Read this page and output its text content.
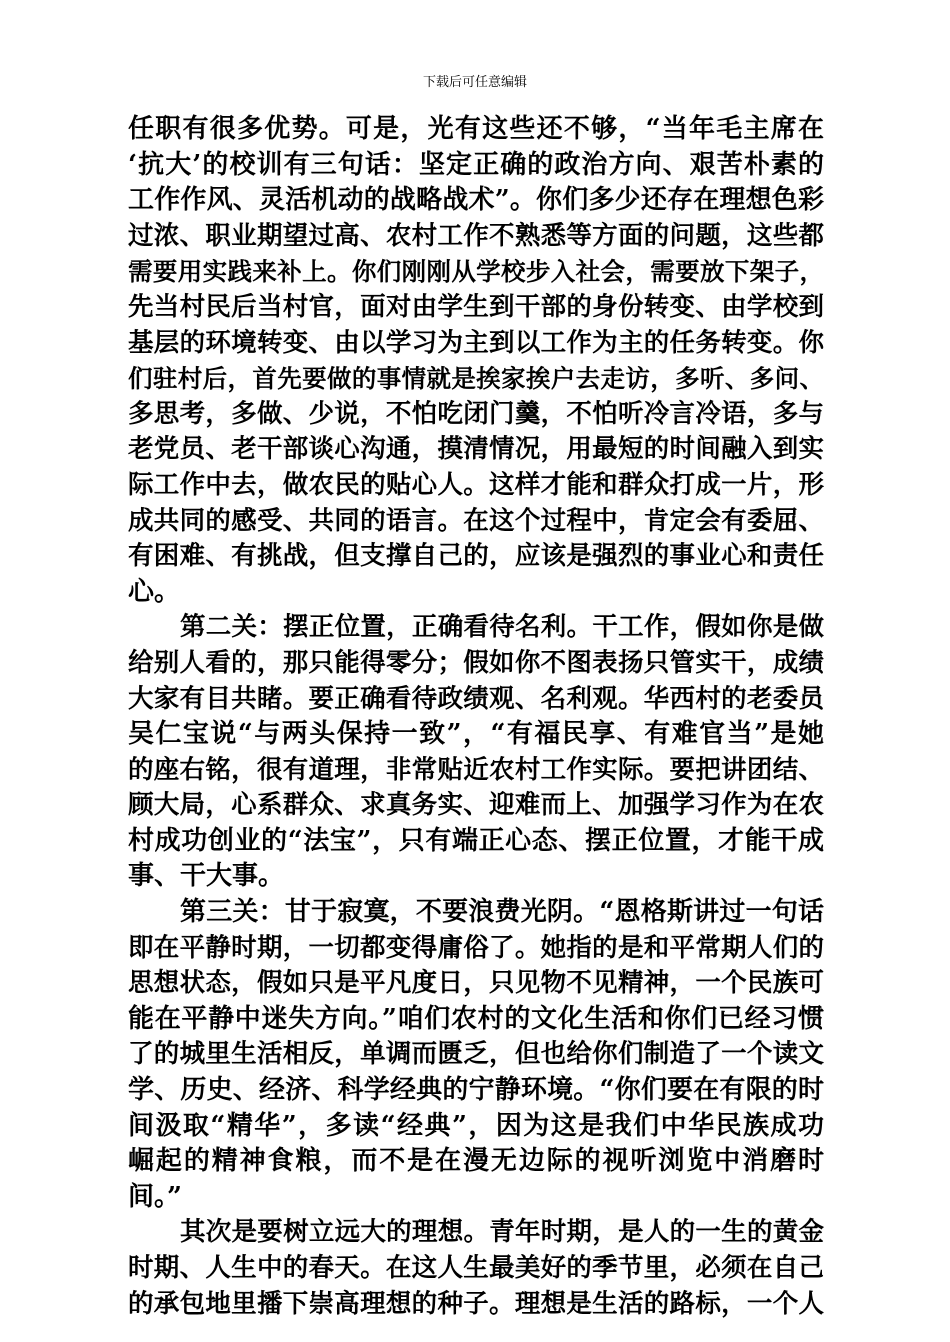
下载后可任意编辑
任职有很多优势。可是，光有这些还不够，“当年毛主席在
‘抗大’的校训有三句话：坚定正确的政治方向、艰苦朴素的
工作作风、灵活机动的战略战术”。你们多少还存在理想色彩
过浓、职业期望过高、农村工作不熟悉等方面的问题，这些都
需要用实践来补上。你们刚刚从学校步入社会，需要放下架子，
先当村民后当村官，面对由学生到干部的身份转变、由学校到
基层的环境转变、由以学习为主到以工作为主的任务转变。你
们驻村后，首先要做的事情就是挨家挨户去走访，多听、多问、
多思考，多做、少说，不怕吃闭门羹，不怕听冷言冷语，多与
老党员、老干部谈心沟通，摸清情况，用最短的时间融入到实
际工作中去，做农民的贴心人。这样才能和群众打成一片，形
成共同的感受、共同的语言。在这个过程中，肯定会有委屈、
有困难、有挑战，但支撑自己的，应该是强烈的事业心和责任
心。
第二关：摆正位置，正确看待名利。干工作，假如你是做
给别人看的，那只能得零分；假如你不图表扬只管实干，成绩
大家有目共睹。要正确看待政绩观、名利观。华西村的老委员
吴仁宝说“与两头保持一致”，“有福民享、有难官当”是她
的座右铭，很有道理，非常贴近农村工作实际。要把讲团结、
顾大局，心系群众、求真务实、迎难而上、加强学习作为在农
村成功创业的“法宝”，只有端正心态、摆正位置，才能干成
事、干大事。
第三关：甘于寂寞，不要浪费光阴。“恩格斯讲过一句话
即在平静时期，一切都变得庸俗了。她指的是和平常期人们的
思想状态，假如只是平凡度日，只见物不见精神，一个民族可
能在平静中迷失方向。”咱们农村的文化生活和你们已经习惯
了的城里生活相反，单调而匮乏，但也给你们制造了一个读文
学、历史、经济、科学经典的宁静环境。“你们要在有限的时
间汲取“精华”，多读“经典”，因为这是我们中华民族成功
崛起的精神食粮，而不是在漫无边际的视听浏览中消磨时
间。”
其次是要树立远大的理想。青年时期，是人的一生的黄金
时期、人生中的春天。在这人生最美好的季节里，必须在自己
的承包地里播下崇高理想的种子。理想是生活的路标，一个人
